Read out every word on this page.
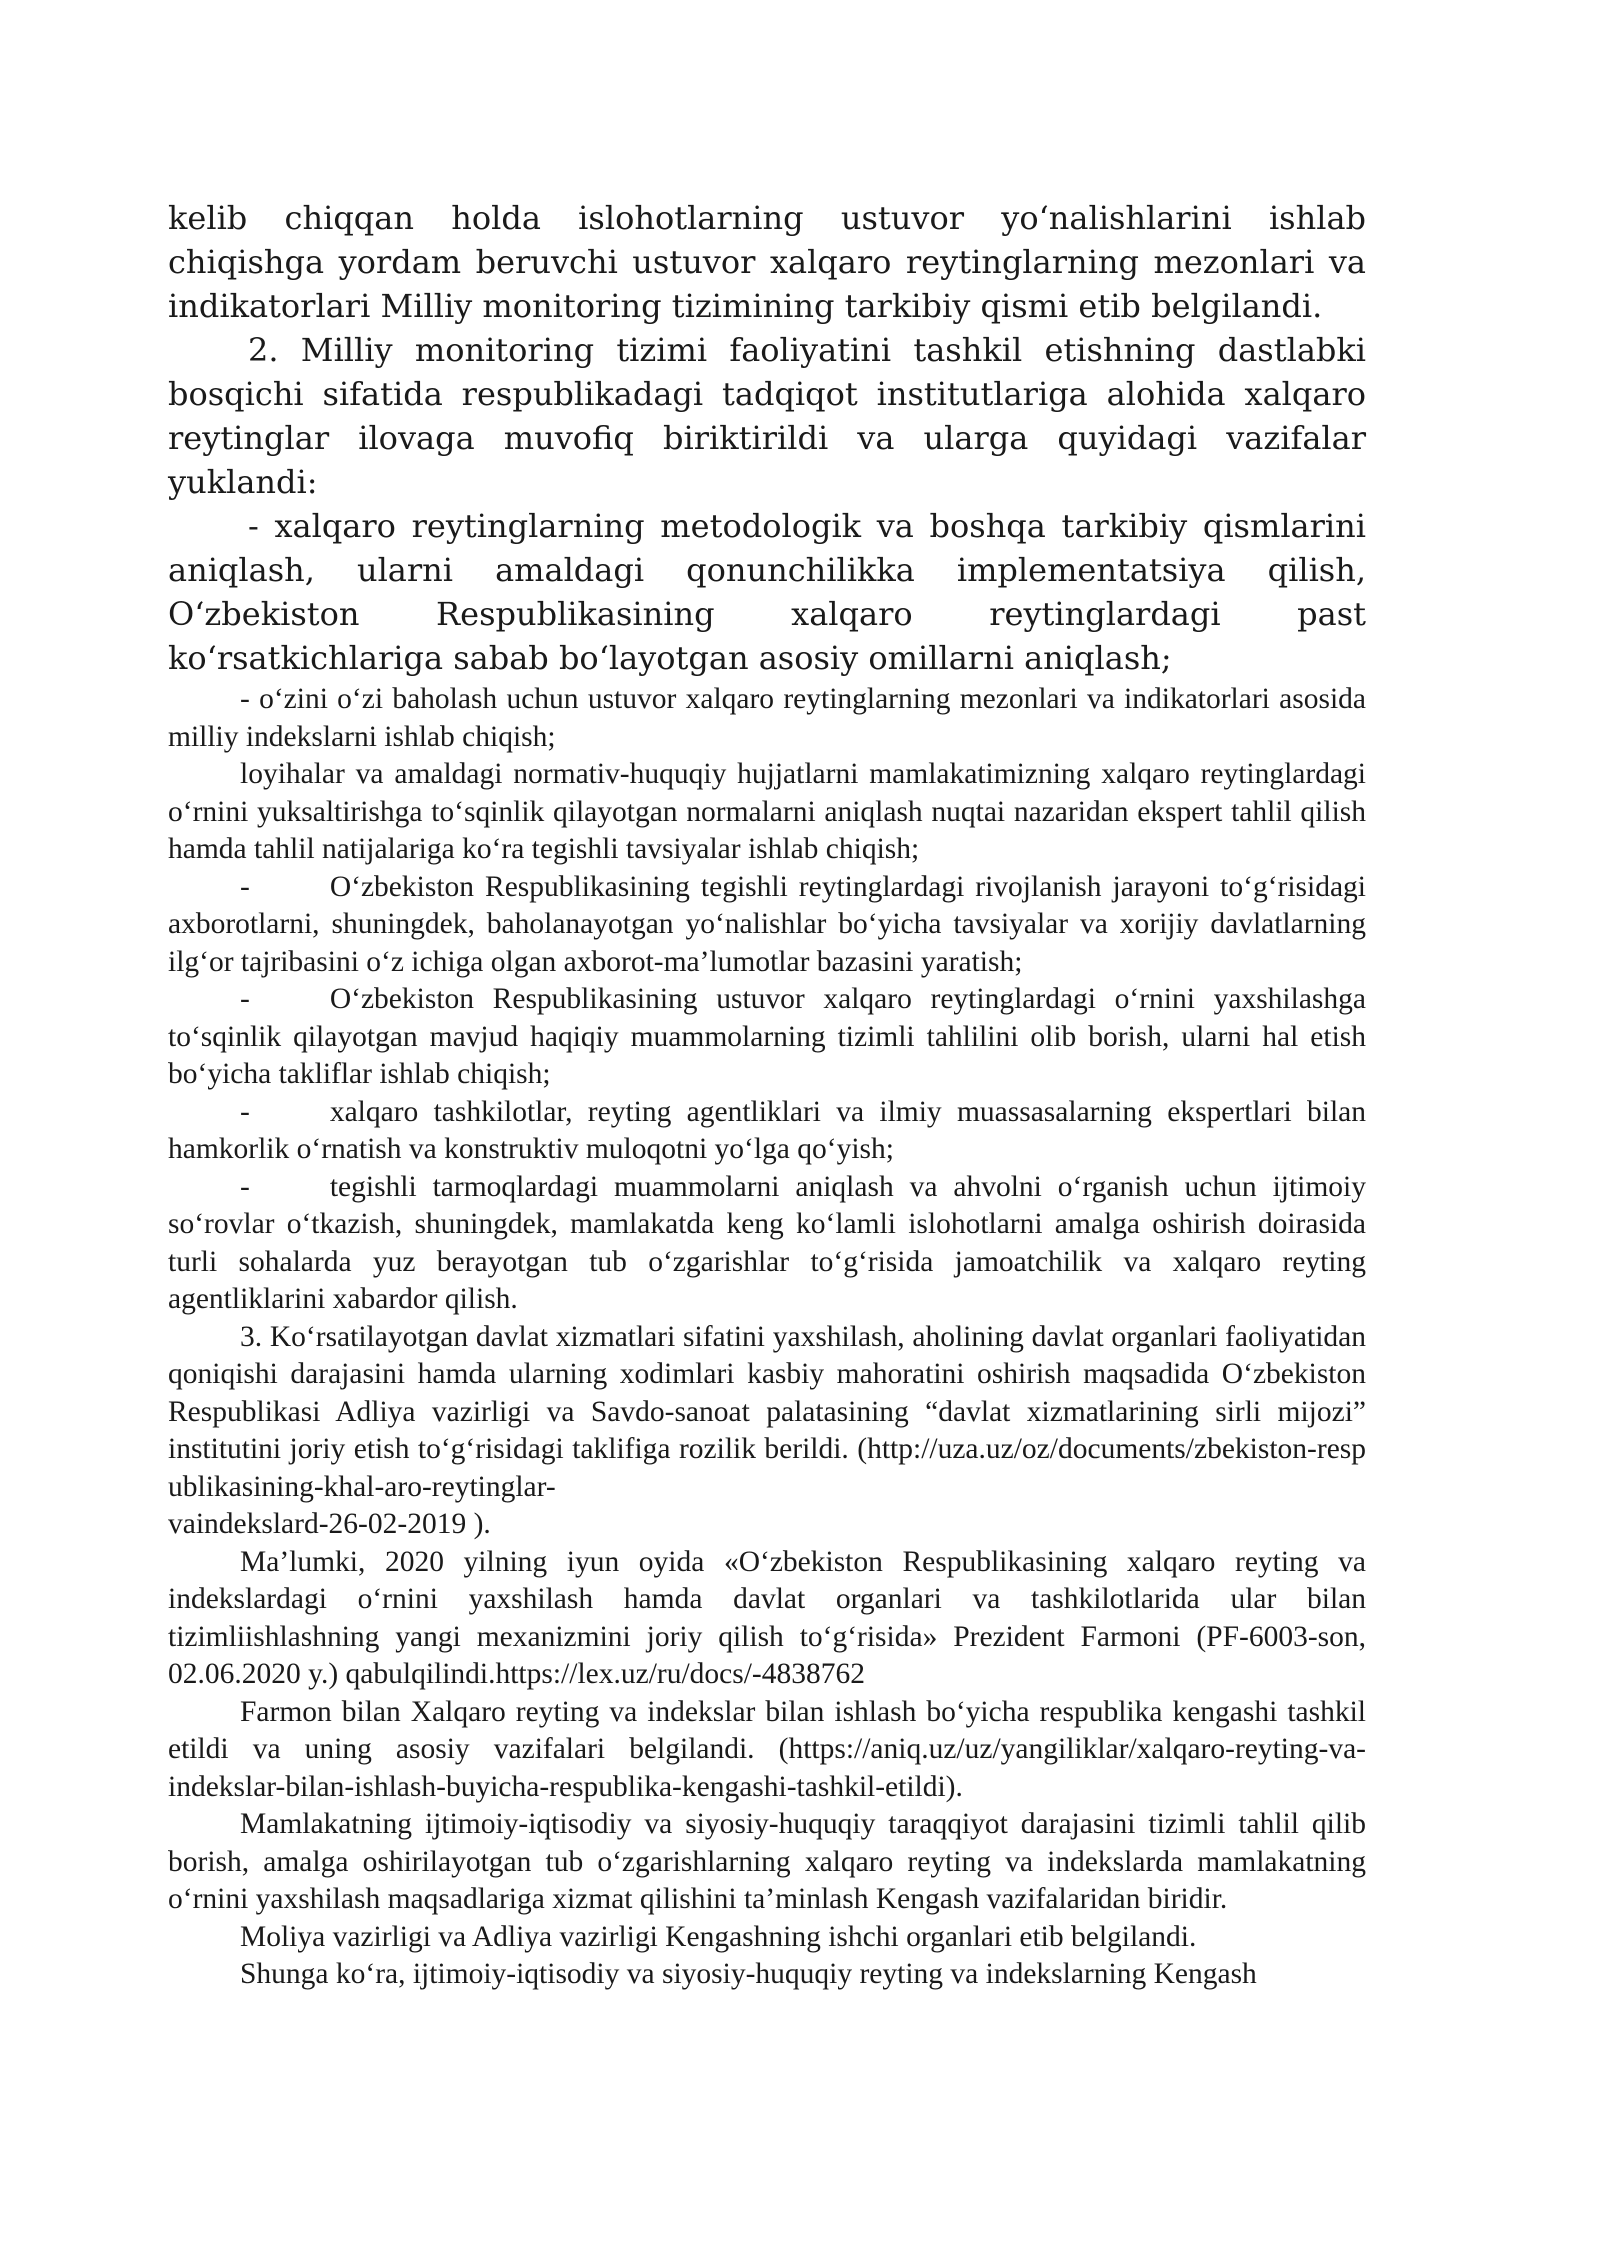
kelib chiqqan holda islohotlarning ustuvor yo‘nalishlarini ishlab chiqishga yordam beruvchi ustuvor xalqaro reytinglarning mezonlari va indikatorlari Milliy monitoring tizimining tarkibiy qismi etib belgilandi.

2. Milliy monitoring tizimi faoliyatini tashkil etishning dastlabki bosqichi sifatida respublikadagi tadqiqot institutlariga alohida xalqaro reytinglar ilovaga muvofiq biriktirildi va ularga quyidagi vazifalar yuklandi:

- xalqaro reytinglarning metodologik va boshqa tarkibiy qismlarini aniqlash, ularni amaldagi qonunchilikka implementatsiya qilish, O‘zbekiston Respublikasining xalqaro reytinglardagi past ko‘rsatkichlariga sabab bo‘layotgan asosiy omillarni aniqlash;

- o‘zini o‘zi baholash uchun ustuvor xalqaro reytinglarning mezonlari va indikatorlari asosida milliy indekslarni ishlab chiqish;

loyihalar va amaldagi normativ-huquqiy hujjatlarni mamlakatimizning xalqaro reytinglardagi o‘rnini yuksaltirishga to‘sqinlik qilayotgan normalarni aniqlash nuqtai nazaridan ekspert tahlil qilish hamda tahlil natijalariga ko‘ra tegishli tavsiyalar ishlab chiqish;

-	O‘zbekiston Respublikasining tegishli reytinglardagi rivojlanish jarayoni to‘g‘risidagi axborotlarni, shuningdek, baholanayotgan yo‘nalishlar bo‘yicha tavsiyalar va xorijiy davlatlarning ilg‘or tajribasini o‘z ichiga olgan axborot-ma’lumotlar bazasini yaratish;

-	O‘zbekiston Respublikasining ustuvor xalqaro reytinglardagi o‘rnini yaxshilashga to‘sqinlik qilayotgan mavjud haqiqiy muammolarning tizimli tahlilini olib borish, ularni hal etish bo‘yicha takliflar ishlab chiqish;

-	xalqaro tashkilotlar, reyting agentliklari va ilmiy muassasalarning ekspertlari bilan hamkorlik o‘rnatish va konstruktiv muloqotni yo‘lga qo‘yish;

-	tegishli tarmoqlardagi muammolarni aniqlash va ahvolni o‘rganish uchun ijtimoiy so‘rovlar o‘tkazish, shuningdek, mamlakatda keng ko‘lamli islohotlarni amalga oshirish doirasida turli sohalarda yuz berayotgan tub o‘zgarishlar to‘g‘risida jamoatchilik va xalqaro reyting agentliklarini xabardor qilish.

3. Ko‘rsatilayotgan davlat xizmatlari sifatini yaxshilash, aholining davlat organlari faoliyatidan qoniqishi darajasini hamda ularning xodimlari kasbiy mahoratini oshirish maqsadida O‘zbekiston Respublikasi Adliya vazirligi va Savdo-sanoat palatasining “davlat xizmatlarining sirli mijozi” institutini joriy etish to‘g‘risidagi taklifiga rozilik berildi. (http://uza.uz/oz/documents/zbekiston-respublikasining-khal-aro-reytinglar-
vaindekslard-26-02-2019 ).

Ma’lumki, 2020 yilning iyun oyida «O‘zbekiston Respublikasining xalqaro reyting va indekslardagi o‘rnini yaxshilash hamda davlat organlari va tashkilotlarida ular bilan tizimliishlashning yangi mexanizmini joriy qilish to‘g‘risida» Prezident Farmoni (PF-6003-son, 02.06.2020 y.) qabulqilindi.https://lex.uz/ru/docs/-4838762

Farmon bilan Xalqaro reyting va indekslar bilan ishlash bo‘yicha respublika kengashi tashkil etildi va uning asosiy vazifalari belgilandi. (https://aniq.uz/uz/yangiliklar/xalqaro-reyting-va-indekslar-bilan-ishlash-buyicha-respublika-kengashi-tashkil-etildi).

Mamlakatning ijtimoiy-iqtisodiy va siyosiy-huquqiy taraqqiyot darajasini tizimli tahlil qilib borish, amalga oshirilayotgan tub o‘zgarishlarning xalqaro reyting va indekslarda mamlakatning o‘rnini yaxshilash maqsadlariga xizmat qilishini ta’minlash Kengash vazifalaridan biridir.

Moliya vazirligi va Adliya vazirligi Kengashning ishchi organlari etib belgilandi.

Shunga ko‘ra, ijtimoiy-iqtisodiy va siyosiy-huquqiy reyting va indekslarning Kengash
